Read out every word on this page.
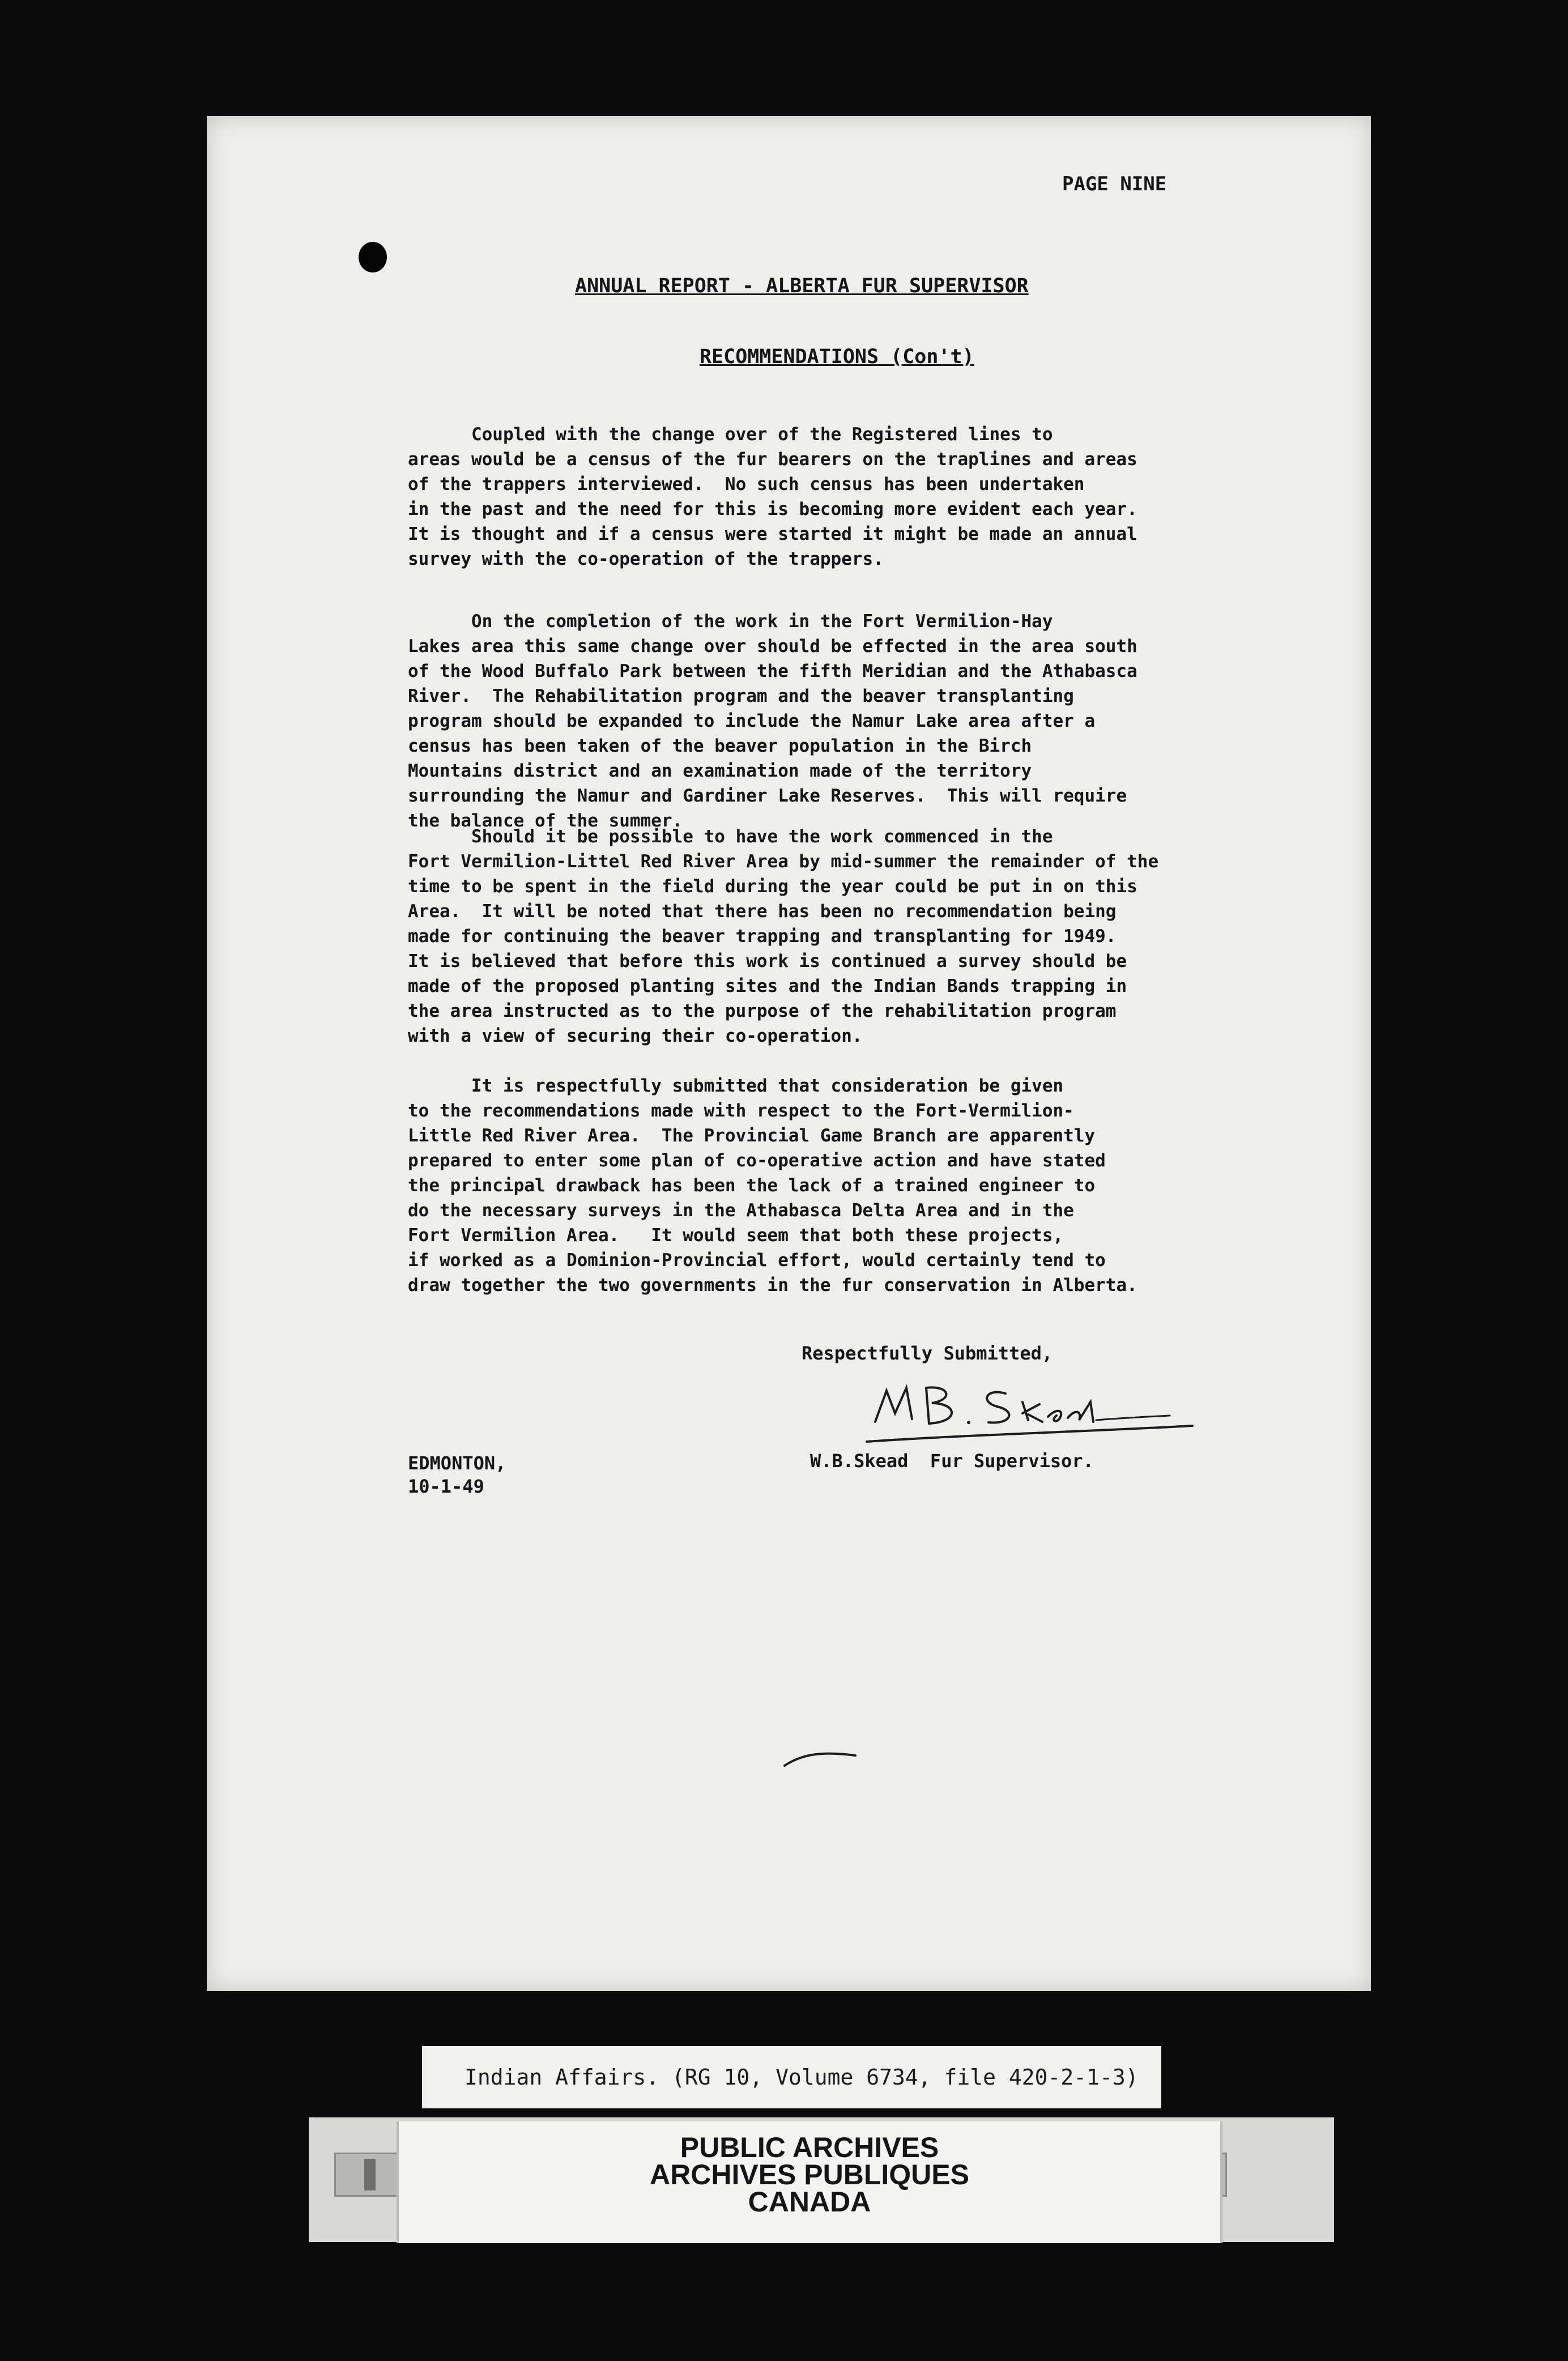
PAGE NINE
ANNUAL REPORT - ALBERTA FUR SUPERVISOR
RECOMMENDATIONS (Con't)
Coupled with the change over of the Registered lines to
areas would be a census of the fur bearers on the traplines and areas
of the trappers interviewed.  No such census has been undertaken
in the past and the need for this is becoming more evident each year.
It is thought and if a census were started it might be made an annual
survey with the co-operation of the trappers.
On the completion of the work in the Fort Vermilion-Hay
Lakes area this same change over should be effected in the area south
of the Wood Buffalo Park between the fifth Meridian and the Athabasca
River.  The Rehabilitation program and the beaver transplanting
program should be expanded to include the Namur Lake area after a
census has been taken of the beaver population in the Birch
Mountains district and an examination made of the territory
surrounding the Namur and Gardiner Lake Reserves.  This will require
the balance of the summer.
Should it be possible to have the work commenced in the
Fort Vermilion-Littel Red River Area by mid-summer the remainder of the
time to be spent in the field during the year could be put in on this
Area.  It will be noted that there has been no recommendation being
made for continuing the beaver trapping and transplanting for 1949.
It is believed that before this work is continued a survey should be
made of the proposed planting sites and the Indian Bands trapping in
the area instructed as to the purpose of the rehabilitation program
with a view of securing their co-operation.
It is respectfully submitted that consideration be given
to the recommendations made with respect to the Fort-Vermilion-
Little Red River Area.  The Provincial Game Branch are apparently
prepared to enter some plan of co-operative action and have stated
the principal drawback has been the lack of a trained engineer to
do the necessary surveys in the Athabasca Delta Area and in the
Fort Vermilion Area.   It would seem that both these projects,
if worked as a Dominion-Provincial effort, would certainly tend to
draw together the two governments in the fur conservation in Alberta.
Respectfully Submitted,
W.B.Skead  Fur Supervisor.
EDMONTON,
10-1-49
Indian Affairs. (RG 10, Volume 6734, file 420-2-1-3)
PUBLIC ARCHIVES
ARCHIVES PUBLIQUES
CANADA
